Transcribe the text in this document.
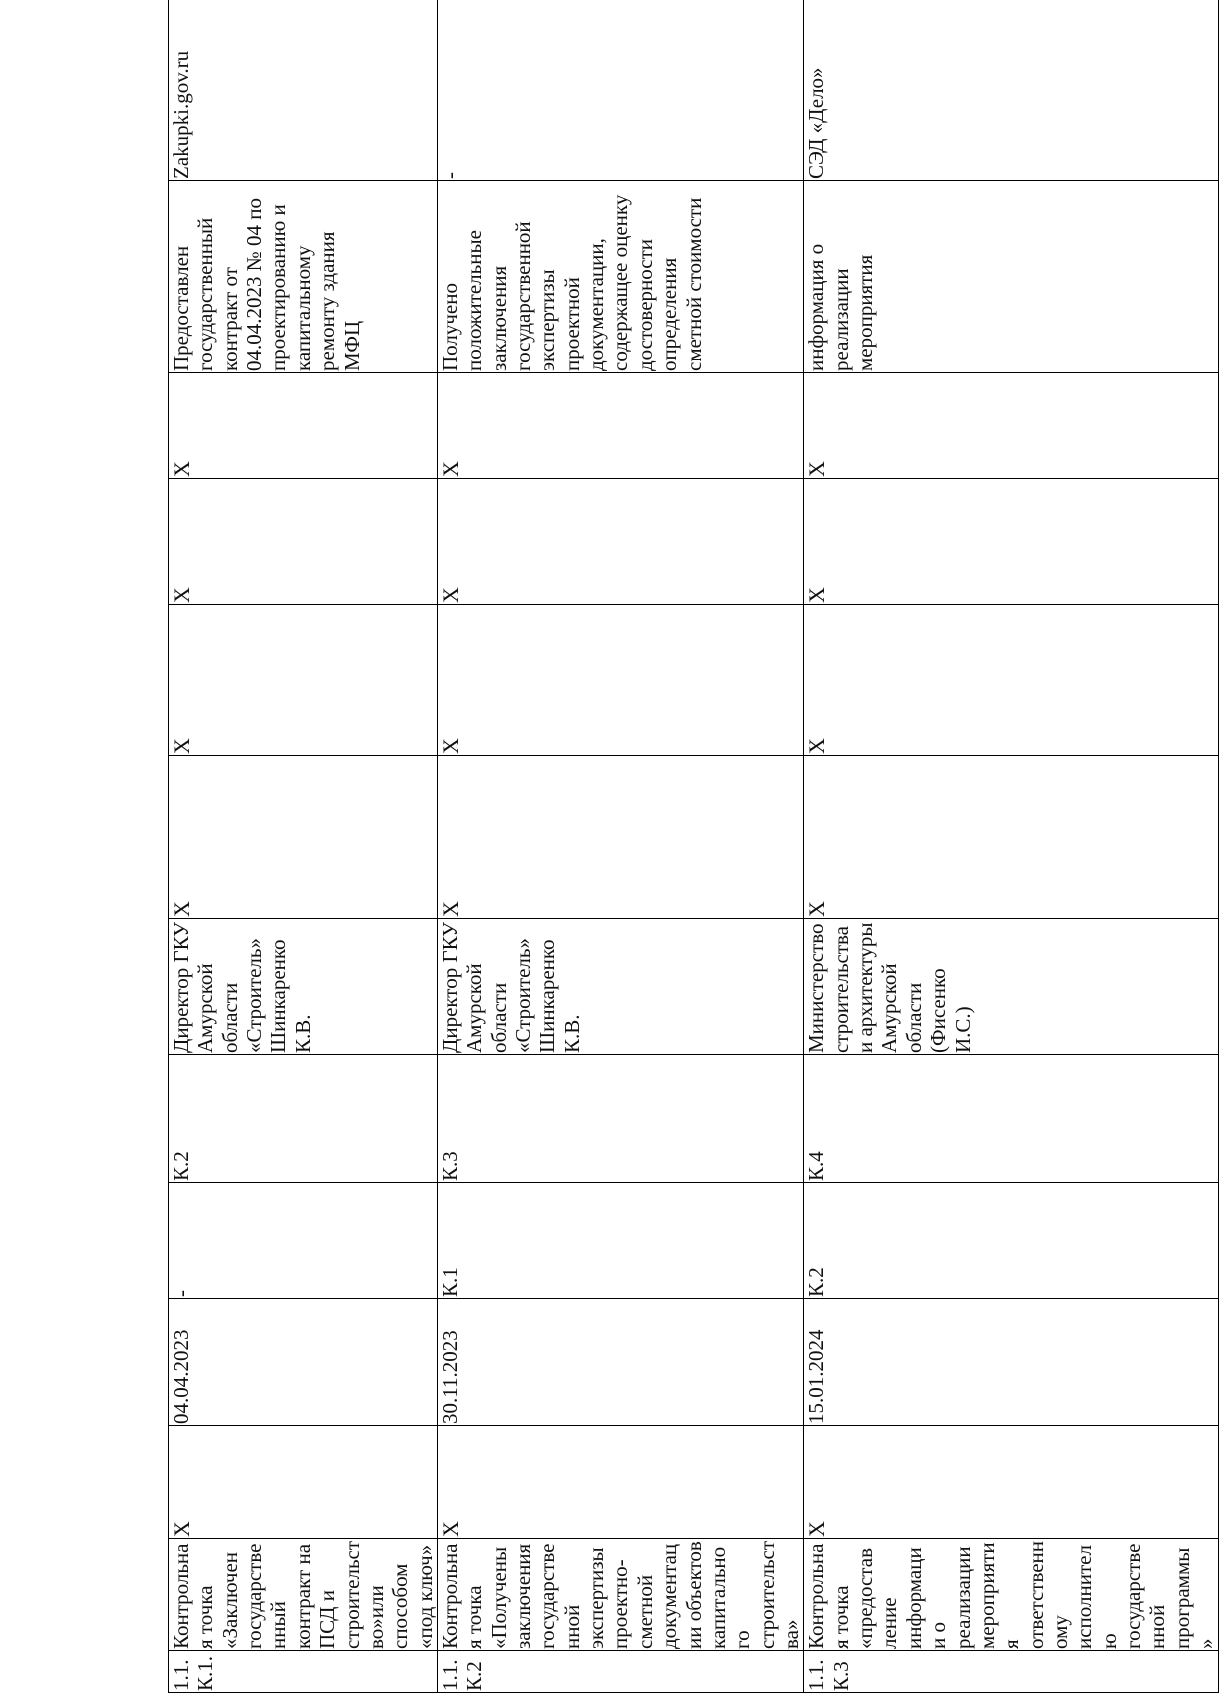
1.1. К.1.	Контрольная точка «Заключен государственный контракт на ПСД и строительство»или способом «под ключ»	Х	04.04.2023	-	К.2	Директор ГКУ Амурской области «Строитель» Шинкаренко К.В.	Х	Х	Х	Х	Предоставлен государственный контракт от 04.04.2023 № 04 по проектированию и капитальному ремонту здания МФЦ	Zakupki.gov.ru
1.1. К.2	Контрольная точка «Получены заключения государственной экспертизы проектно-сметной документации объектов капитального строительства»	Х	30.11.2023	К.1	К.3	Директор ГКУ Амурской области «Строитель» Шинкаренко К.В.	Х	Х	Х	Х	Получено положительные заключения государственной экспертизы проектной документации, содержащее оценку достоверности определения сметной стоимости	-
1.1. К.3	Контрольная точка «предоставление информации о реализации мероприятия ответственному исполнителю государственной программы»	Х	15.01.2024	К.2	К.4	Министерство строительства и архитектуры Амурской области (Фисенко И.С.)	Х	Х	Х	Х	информация о реализации мероприятия	СЭД «Дело»
